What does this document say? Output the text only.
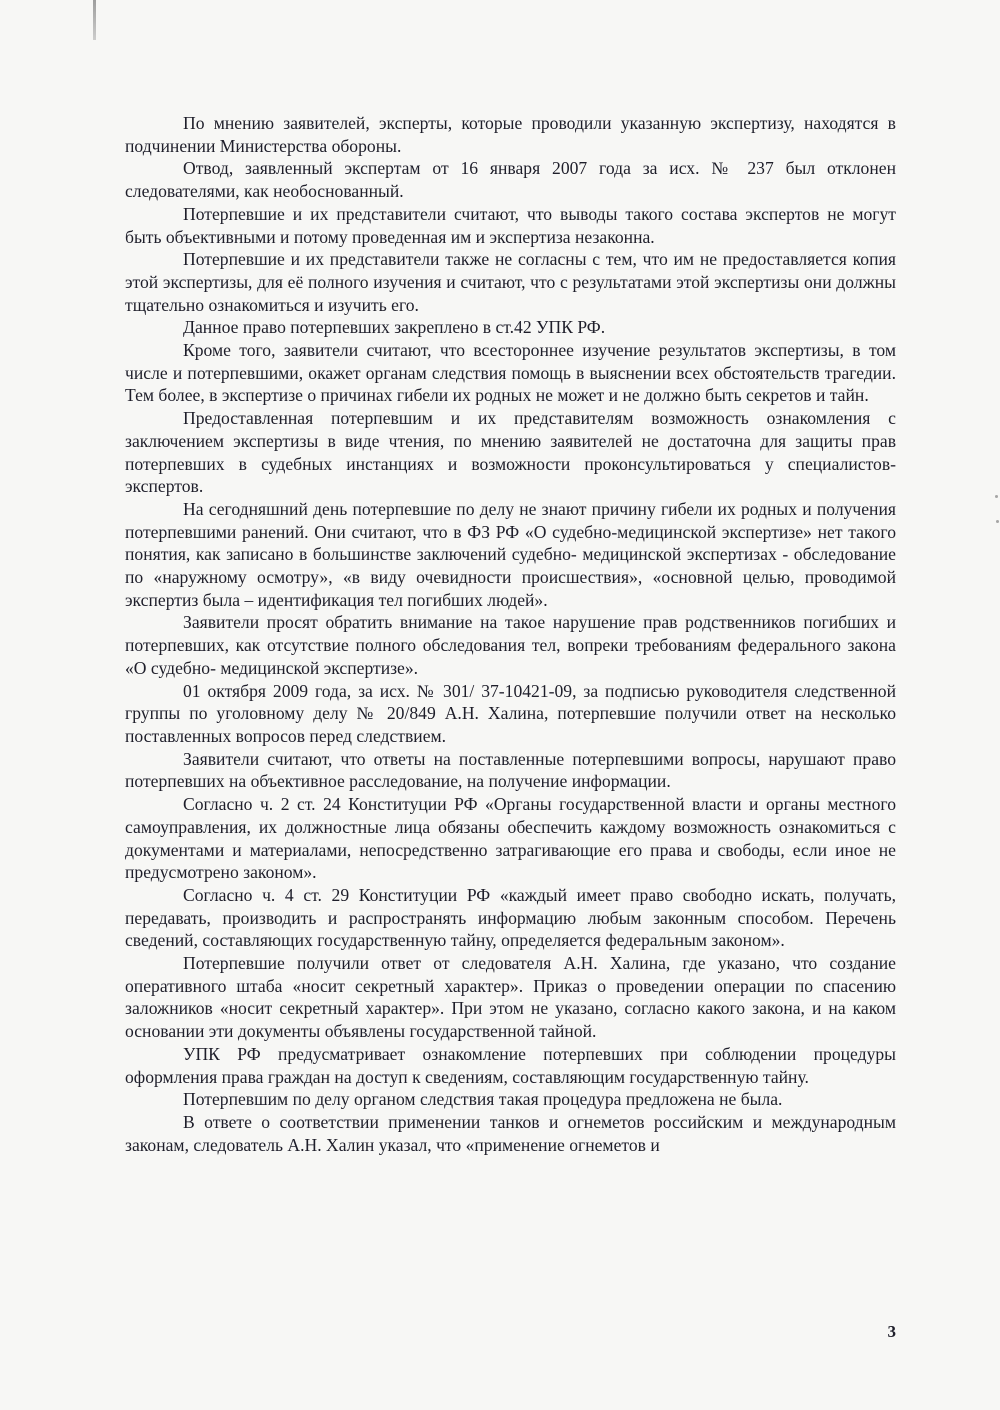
По мнению заявителей, эксперты, которые проводили указанную экспертизу, находятся в подчинении Министерства обороны.

Отвод, заявленный экспертам от 16 января 2007 года за исх. № 237 был отклонен следователями, как необоснованный.

Потерпевшие и их представители считают, что выводы такого состава экспертов не могут быть объективными и потому проведенная им и экспертиза незаконна.

Потерпевшие и их представители также не согласны с тем, что им не предоставляется копия этой экспертизы, для её полного изучения и считают, что с результатами этой экспертизы они должны тщательно ознакомиться и изучить его.

Данное право потерпевших закреплено в ст.42 УПК РФ.

Кроме того, заявители считают, что всестороннее изучение результатов экспертизы, в том числе и потерпевшими, окажет органам следствия помощь в выяснении всех обстоятельств трагедии. Тем более, в экспертизе о причинах гибели их родных не может и не должно быть секретов и тайн.

Предоставленная потерпевшим и их представителям возможность ознакомления с заключением экспертизы в виде чтения, по мнению заявителей не достаточна для защиты прав потерпевших в судебных инстанциях и возможности проконсультироваться у специалистов-экспертов.

На сегодняшний день потерпевшие по делу не знают причину гибели их родных и получения потерпевшими ранений. Они считают, что в ФЗ РФ «О судебно-медицинской экспертизе» нет такого понятия, как записано в большинстве заключений судебно- медицинской экспертизах - обследование по «наружному осмотру», «в виду очевидности происшествия», «основной целью, проводимой экспертиз была – идентификация тел погибших людей».

Заявители просят обратить внимание на такое нарушение прав родственников погибших и потерпевших, как отсутствие полного обследования тел, вопреки требованиям федерального закона «О судебно- медицинской экспертизе».

01 октября 2009 года, за исх. № 301/ 37-10421-09, за подписью руководителя следственной группы по уголовному делу № 20/849 А.Н. Халина, потерпевшие получили ответ на несколько поставленных вопросов перед следствием.

Заявители считают, что ответы на поставленные потерпевшими вопросы, нарушают право потерпевших на объективное расследование, на получение информации.

Согласно ч. 2 ст. 24 Конституции РФ «Органы государственной власти и органы местного самоуправления, их должностные лица обязаны обеспечить каждому возможность ознакомиться с документами и материалами, непосредственно затрагивающие его права и свободы, если иное не предусмотрено законом».

Согласно ч. 4 ст. 29 Конституции РФ «каждый имеет право свободно искать, получать, передавать, производить и распространять информацию любым законным способом. Перечень сведений, составляющих государственную тайну, определяется федеральным законом».

Потерпевшие получили ответ от следователя А.Н. Халина, где указано, что создание оперативного штаба «носит секретный характер». Приказ о проведении операции по спасению заложников «носит секретный характер». При этом не указано, согласно какого закона, и на каком основании эти документы объявлены государственной тайной.

УПК РФ предусматривает ознакомление потерпевших при соблюдении процедуры оформления права граждан на доступ к сведениям, составляющим государственную тайну.

Потерпевшим по делу органом следствия такая процедура предложена не была.

В ответе о соответствии применении танков и огнеметов российским и международным законам, следователь А.Н. Халин указал, что «применение огнеметов и

3
